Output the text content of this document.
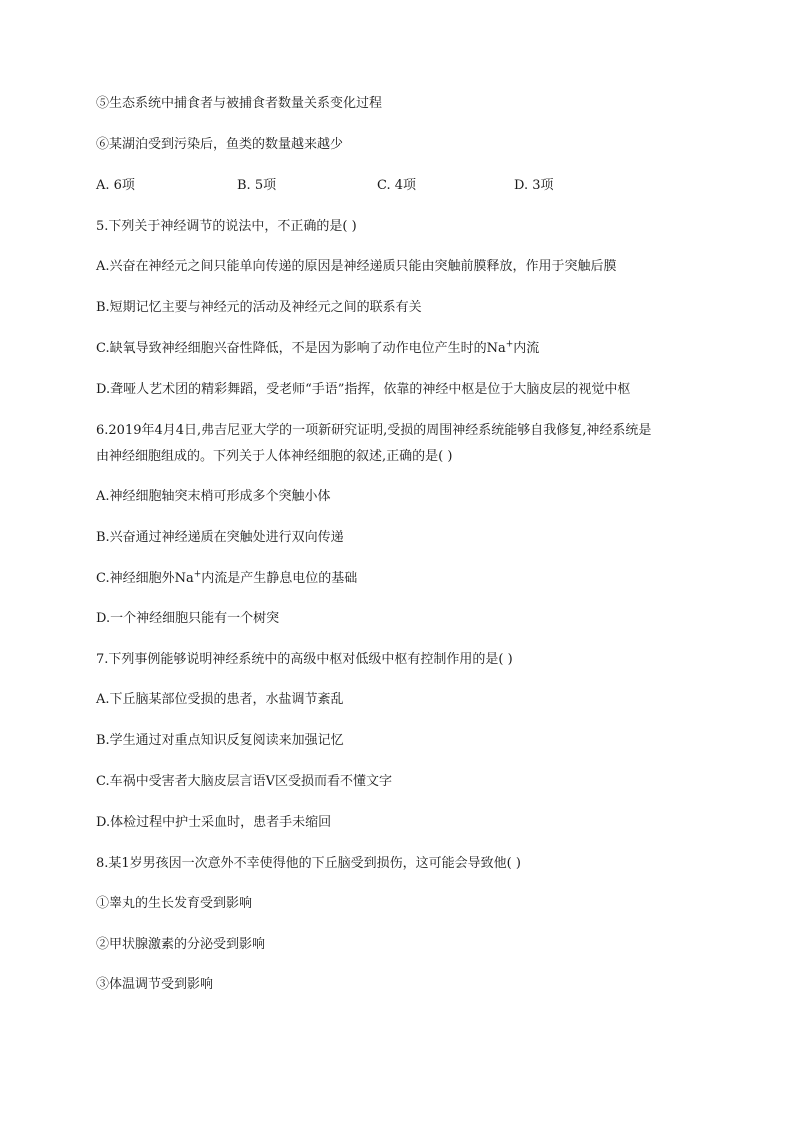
⑤生态系统中捕食者与被捕食者数量关系变化过程
⑥某湖泊受到污染后，鱼类的数量越来越少
A. 6项	B. 5项	C. 4项	D. 3项
5.下列关于神经调节的说法中，不正确的是( )
A.兴奋在神经元之间只能单向传递的原因是神经递质只能由突触前膜释放，作用于突触后膜
B.短期记忆主要与神经元的活动及神经元之间的联系有关
C.缺氧导致神经细胞兴奋性降低，不是因为影响了动作电位产生时的Na+内流
D.聋哑人艺术团的精彩舞蹈，受老师“手语”指挥，依靠的神经中枢是位于大脑皮层的视觉中枢
6.2019年4月4日,弗吉尼亚大学的一项新研究证明,受损的周围神经系统能够自我修复,神经系统是
由神经细胞组成的。下列关于人体神经细胞的叙述,正确的是( )
A.神经细胞轴突末梢可形成多个突触小体
B.兴奋通过神经递质在突触处进行双向传递
C.神经细胞外Na+内流是产生静息电位的基础
D.一个神经细胞只能有一个树突
7.下列事例能够说明神经系统中的高级中枢对低级中枢有控制作用的是( )
A.下丘脑某部位受损的患者，水盐调节紊乱
B.学生通过对重点知识反复阅读来加强记忆
C.车祸中受害者大脑皮层言语V区受损而看不懂文字
D.体检过程中护士采血时，患者手未缩回
8.某1岁男孩因一次意外不幸使得他的下丘脑受到损伤，这可能会导致他( )
①睾丸的生长发育受到影响
②甲状腺激素的分泌受到影响
③体温调节受到影响
